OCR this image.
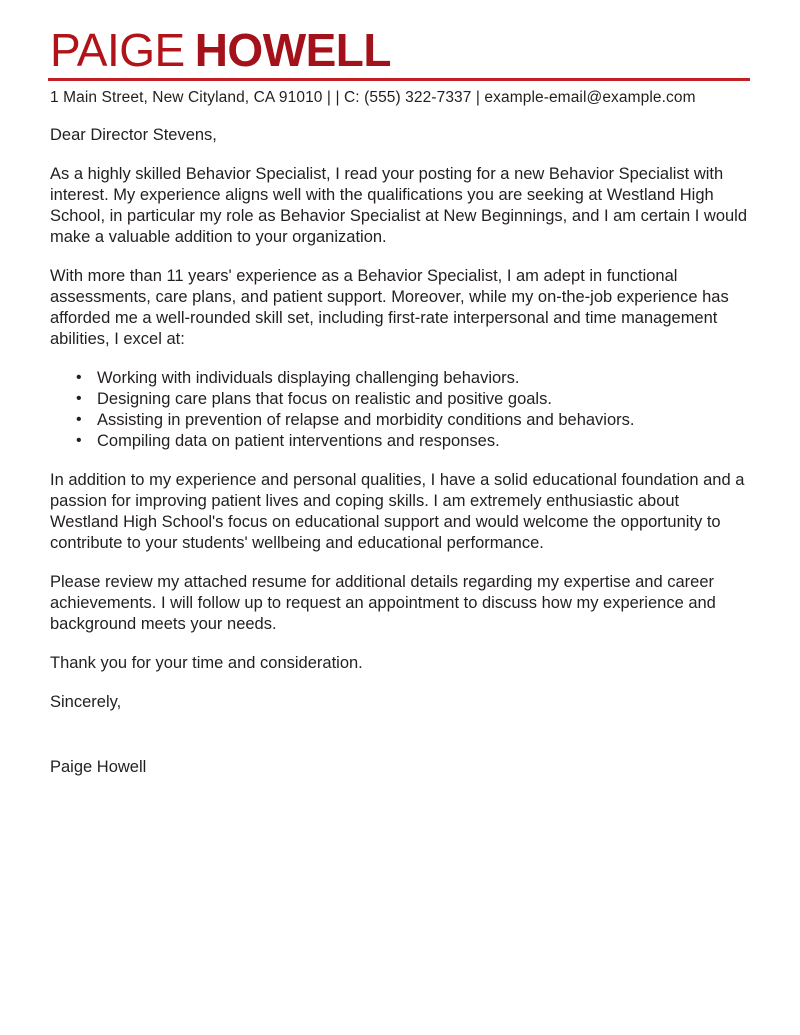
PAIGE HOWELL
1 Main Street, New Cityland, CA 91010 | | C: (555) 322-7337 | example-email@example.com

Dear Director Stevens,

As a highly skilled Behavior Specialist, I read your posting for a new Behavior Specialist with interest. My experience aligns well with the qualifications you are seeking at Westland High School, in particular my role as Behavior Specialist at New Beginnings, and I am certain I would make a valuable addition to your organization.

With more than 11 years' experience as a Behavior Specialist, I am adept in functional assessments, care plans, and patient support. Moreover, while my on-the-job experience has afforded me a well-rounded skill set, including first-rate interpersonal and time management abilities, I excel at:

• Working with individuals displaying challenging behaviors.
• Designing care plans that focus on realistic and positive goals.
• Assisting in prevention of relapse and morbidity conditions and behaviors.
• Compiling data on patient interventions and responses.

In addition to my experience and personal qualities, I have a solid educational foundation and a passion for improving patient lives and coping skills. I am extremely enthusiastic about Westland High School's focus on educational support and would welcome the opportunity to contribute to your students' wellbeing and educational performance.

Please review my attached resume for additional details regarding my expertise and career achievements. I will follow up to request an appointment to discuss how my experience and background meets your needs.

Thank you for your time and consideration.

Sincerely,

Paige Howell
